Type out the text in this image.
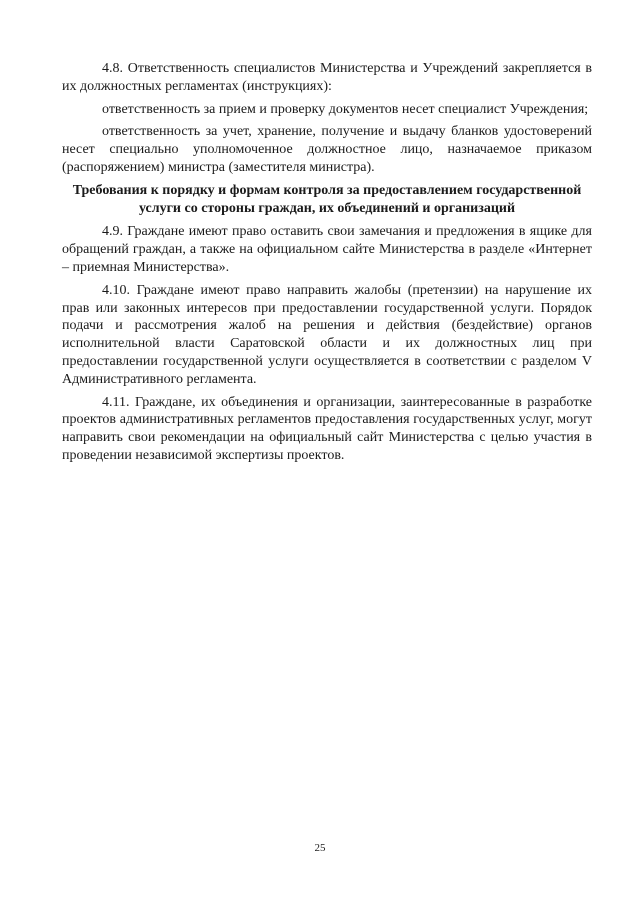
4.8. Ответственность специалистов Министерства и Учреждений закрепляется в их должностных регламентах (инструкциях):

ответственность за прием и проверку документов несет специалист Учреждения;

ответственность за учет, хранение, получение и выдачу бланков удостоверений несет специально уполномоченное должностное лицо, назначаемое приказом (распоряжением) министра (заместителя министра).

Требования к порядку и формам контроля за предоставлением государственной услуги со стороны граждан, их объединений и организаций

4.9. Граждане имеют право оставить свои замечания и предложения в ящике для обращений граждан, а также на официальном сайте Министерства в разделе «Интернет – приемная Министерства».

4.10. Граждане имеют право направить жалобы (претензии) на нарушение их прав или законных интересов при предоставлении государственной услуги. Порядок подачи и рассмотрения жалоб на решения и действия (бездействие) органов исполнительной власти Саратовской области и их должностных лиц при предоставлении государственной услуги осуществляется в соответствии с разделом V Административного регламента.

4.11. Граждане, их объединения и организации, заинтересованные в разработке проектов административных регламентов предоставления государственных услуг, могут направить свои рекомендации на официальный сайт Министерства с целью участия в проведении независимой экспертизы проектов.

25
